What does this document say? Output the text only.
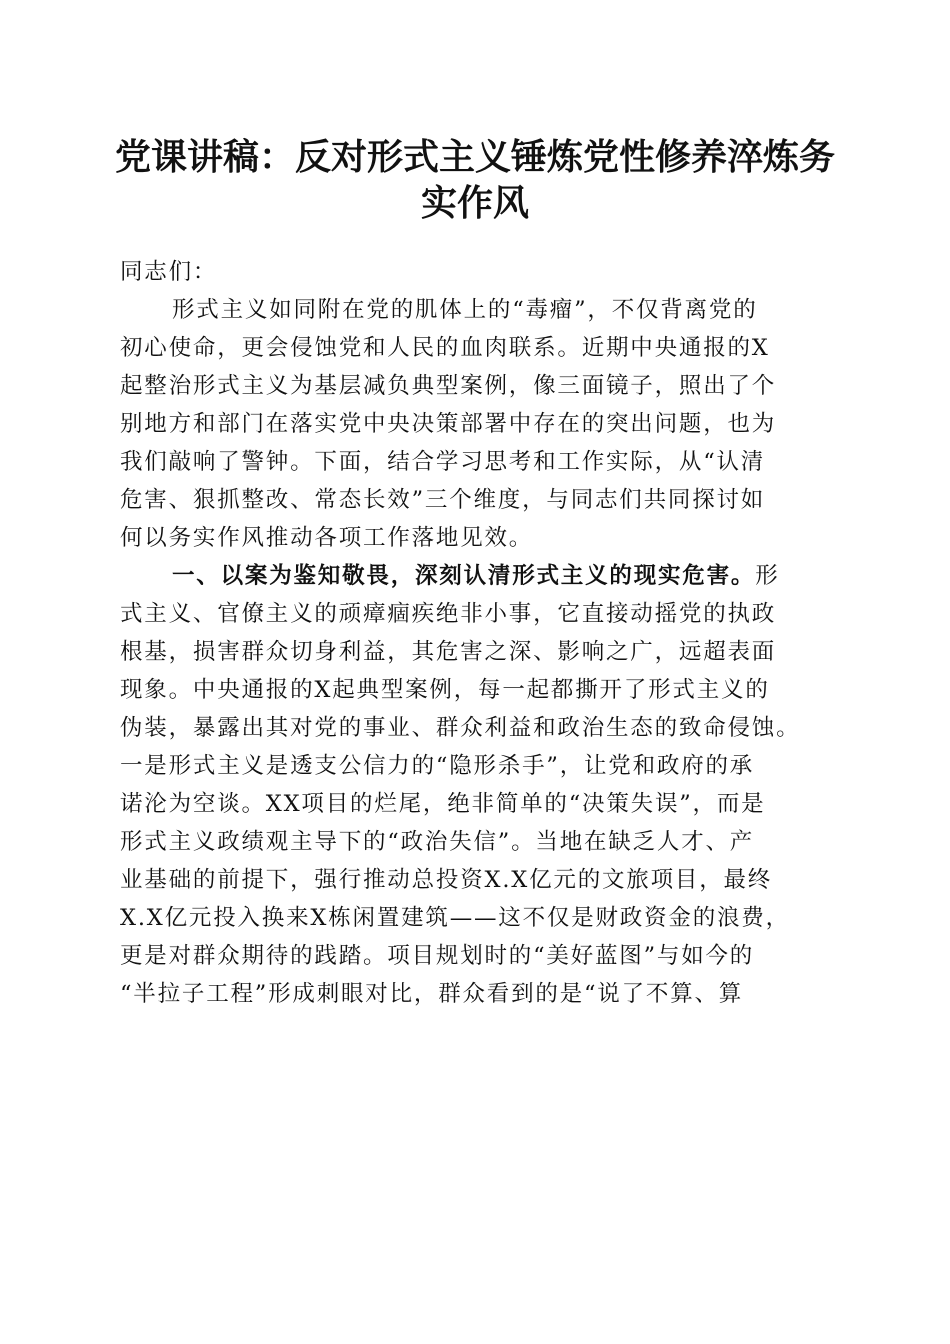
党课讲稿：反对形式主义锤炼党性修养淬炼务
实作风
同志们：
形式主义如同附在党的肌体上的“毒瘤”，不仅背离党的
初心使命，更会侵蚀党和人民的血肉联系。近期中央通报的X
起整治形式主义为基层减负典型案例，像三面镜子，照出了个
别地方和部门在落实党中央决策部署中存在的突出问题，也为
我们敲响了警钟。下面，结合学习思考和工作实际，从“认清
危害、狠抓整改、常态长效”三个维度，与同志们共同探讨如
何以务实作风推动各项工作落地见效。
一、以案为鉴知敬畏，深刻认清形式主义的现实危害。形
式主义、官僚主义的顽瘴痼疾绝非小事，它直接动摇党的执政
根基，损害群众切身利益，其危害之深、影响之广，远超表面
现象。中央通报的X起典型案例，每一起都撕开了形式主义的
伪装，暴露出其对党的事业、群众利益和政治生态的致命侵蚀。
一是形式主义是透支公信力的“隐形杀手”，让党和政府的承
诺沦为空谈。XX项目的烂尾，绝非简单的“决策失误”，而是
形式主义政绩观主导下的“政治失信”。当地在缺乏人才、产
业基础的前提下，强行推动总投资X.X亿元的文旅项目，最终
X.X亿元投入换来X栋闲置建筑——这不仅是财政资金的浪费，
更是对群众期待的践踏。项目规划时的“美好蓝图”与如今的
“半拉子工程”形成刺眼对比，群众看到的是“说了不算、算
